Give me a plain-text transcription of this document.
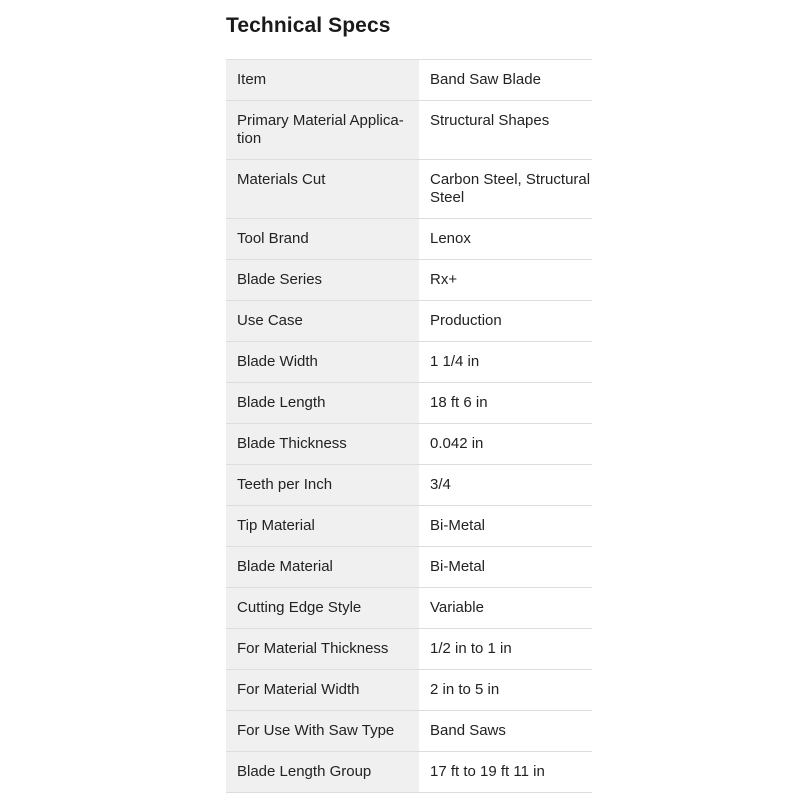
Technical Specs
Item	Band Saw Blade
Primary Material Application	Structural Shapes
Materials Cut	Carbon Steel, Structural Steel
Tool Brand	Lenox
Blade Series	Rx+
Use Case	Production
Blade Width	1 1/4 in
Blade Length	18 ft 6 in
Blade Thickness	0.042 in
Teeth per Inch	3/4
Tip Material	Bi-Metal
Blade Material	Bi-Metal
Cutting Edge Style	Variable
For Material Thickness	1/2 in to 1 in
For Material Width	2 in to 5 in
For Use With Saw Type	Band Saws
Blade Length Group	17 ft to 19 ft 11 in
